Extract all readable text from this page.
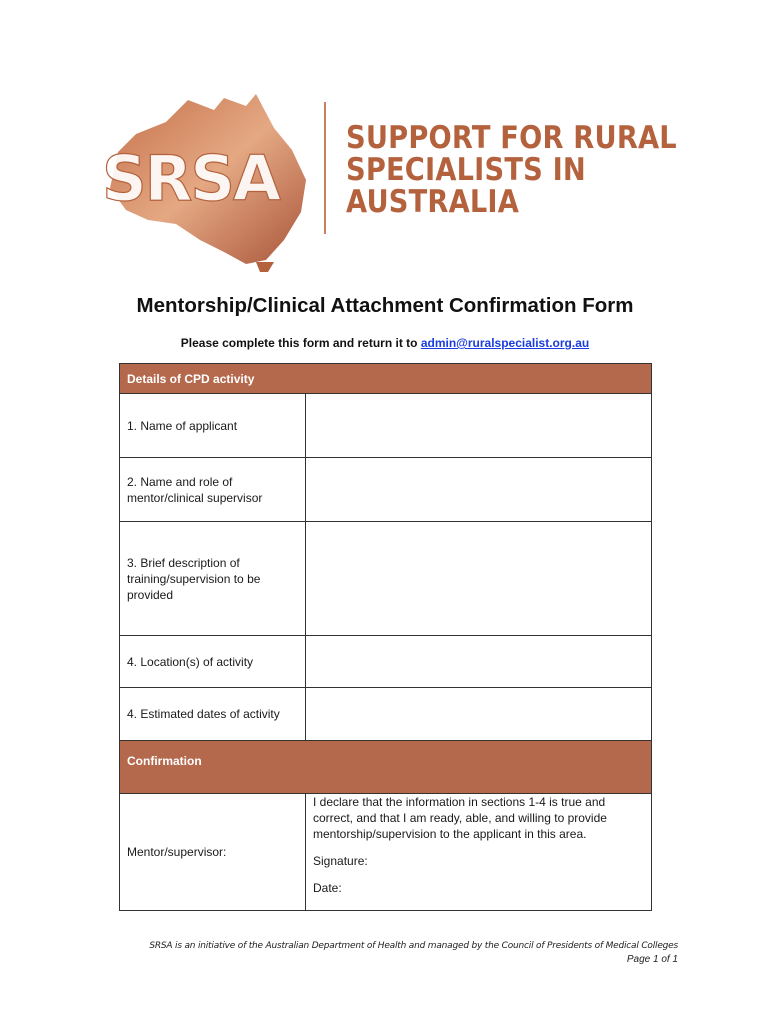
SRSA
SUPPORT FOR RURAL
SPECIALISTS IN
AUSTRALIA
Mentorship/Clinical Attachment Confirmation Form
Please complete this form and return it to admin@ruralspecialist.org.au
Details of CPD activity	
1. Name of applicant	
2. Name and role of mentor/clinical supervisor	
3. Brief description of training/supervision to be provided	
4. Location(s) of activity	
4. Estimated dates of activity	
Confirmation	
Mentor/supervisor:	I declare that the information in sections 1-4 is true and correct, and that I am ready, able, and willing to provide mentorship/supervision to the applicant in this area.

Signature:

Date:

SRSA is an initiative of the Australian Department of Health and managed by the Council of Presidents of Medical Colleges
Page 1 of 1
